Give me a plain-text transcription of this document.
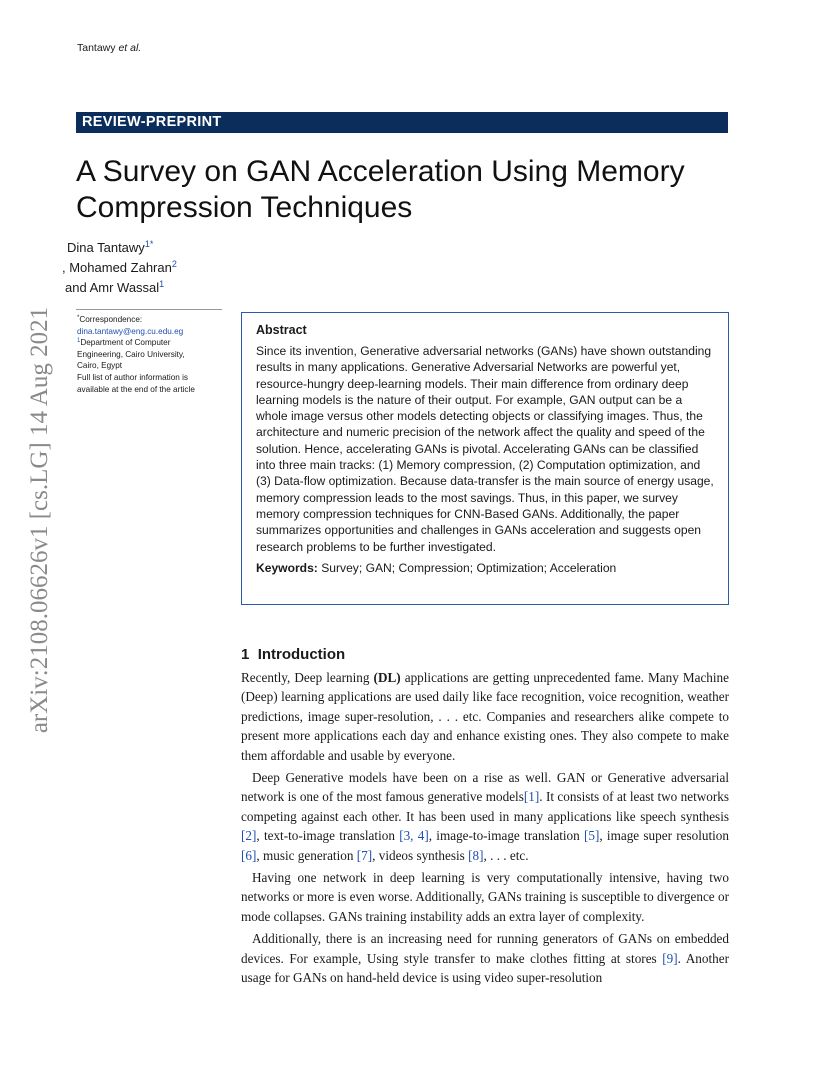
Tantawy et al.
REVIEW-PREPRINT
A Survey on GAN Acceleration Using Memory
Compression Techniques
Dina Tantawy$^{1*}$
, Mohamed Zahran$^2$
and Amr Wassal$^1$
*Correspondence:
dina.tantawy@eng.cu.edu.eg
$^1$Department of Computer
Engineering, Cairo University,
Cairo, Egypt
Full list of author information is
available at the end of the article
Abstract
Since its invention, Generative adversarial networks (GANs) have shown outstanding results in many applications. Generative Adversarial Networks are powerful yet, resource-hungry deep-learning models. Their main difference from ordinary deep learning models is the nature of their output. For example, GAN output can be a whole image versus other models detecting objects or classifying images. Thus, the architecture and numeric precision of the network affect the quality and speed of the solution. Hence, accelerating GANs is pivotal. Accelerating GANs can be classified into three main tracks: (1) Memory compression, (2) Computation optimization, and (3) Data-flow optimization. Because data-transfer is the main source of energy usage, memory compression leads to the most savings. Thus, in this paper, we survey memory compression techniques for CNN-Based GANs. Additionally, the paper summarizes opportunities and challenges in GANs acceleration and suggests open research problems to be further investigated.
Keywords: Survey; GAN; Compression; Optimization; Acceleration
arXiv:2108.06626v1 [cs.LG] 14 Aug 2021	1 Introduction

Recently, Deep learning (DL) applications are getting unprecedented fame. Many Machine (Deep) learning applications are used daily like face recognition, voice recognition, weather predictions, image super-resolution, . . . etc. Companies and researchers alike compete to present more applications each day and enhance existing ones. They also compete to make them affordable and usable by everyone.

Deep Generative models have been on a rise as well. GAN or Generative adversarial network is one of the most famous generative models[1]. It consists of at least two networks competing against each other. It has been used in many applications like speech synthesis [2], text-to-image translation [3, 4], image-to-image translation [5], image super resolution [6], music generation [7], videos synthesis [8], . . . etc.

Having one network in deep learning is very computationally intensive, having two networks or more is even worse. Additionally, GANs training is susceptible to divergence or mode collapses. GANs training instability adds an extra layer of complexity.

Additionally, there is an increasing need for running generators of GANs on embedded devices. For example, Using style transfer to make clothes fitting at stores [9]. Another usage for GANs on hand-held device is using video super-resolution
